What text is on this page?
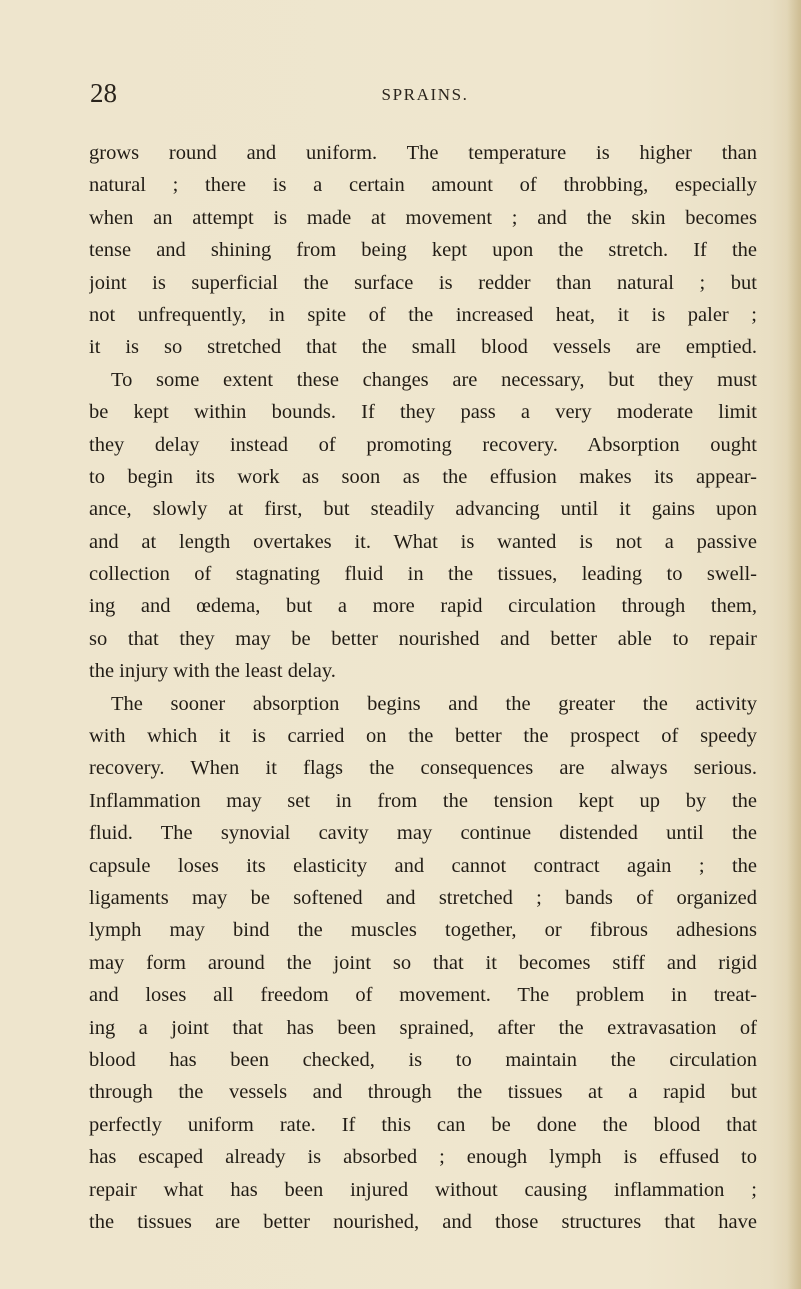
28	SPRAINS.
grows round and uniform. The temperature is higher than
natural ; there is a certain amount of throbbing, especially
when an attempt is made at movement ; and the skin becomes
tense and shining from being kept upon the stretch. If the
joint is superficial the surface is redder than natural ; but
not unfrequently, in spite of the increased heat, it is paler ;
it is so stretched that the small blood vessels are emptied.
To some extent these changes are necessary, but they must
be kept within bounds. If they pass a very moderate limit
they delay instead of promoting recovery. Absorption ought
to begin its work as soon as the effusion makes its appear-
ance, slowly at first, but steadily advancing until it gains upon
and at length overtakes it. What is wanted is not a passive
collection of stagnating fluid in the tissues, leading to swell-
ing and œdema, but a more rapid circulation through them,
so that they may be better nourished and better able to repair
the injury with the least delay.
The sooner absorption begins and the greater the activity
with which it is carried on the better the prospect of speedy
recovery. When it flags the consequences are always serious.
Inflammation may set in from the tension kept up by the
fluid. The synovial cavity may continue distended until the
capsule loses its elasticity and cannot contract again ; the
ligaments may be softened and stretched ; bands of organized
lymph may bind the muscles together, or fibrous adhesions
may form around the joint so that it becomes stiff and rigid
and loses all freedom of movement. The problem in treat-
ing a joint that has been sprained, after the extravasation of
blood has been checked, is to maintain the circulation
through the vessels and through the tissues at a rapid but
perfectly uniform rate. If this can be done the blood that
has escaped already is absorbed ; enough lymph is effused to
repair what has been injured without causing inflammation ;
the tissues are better nourished, and those structures that have
